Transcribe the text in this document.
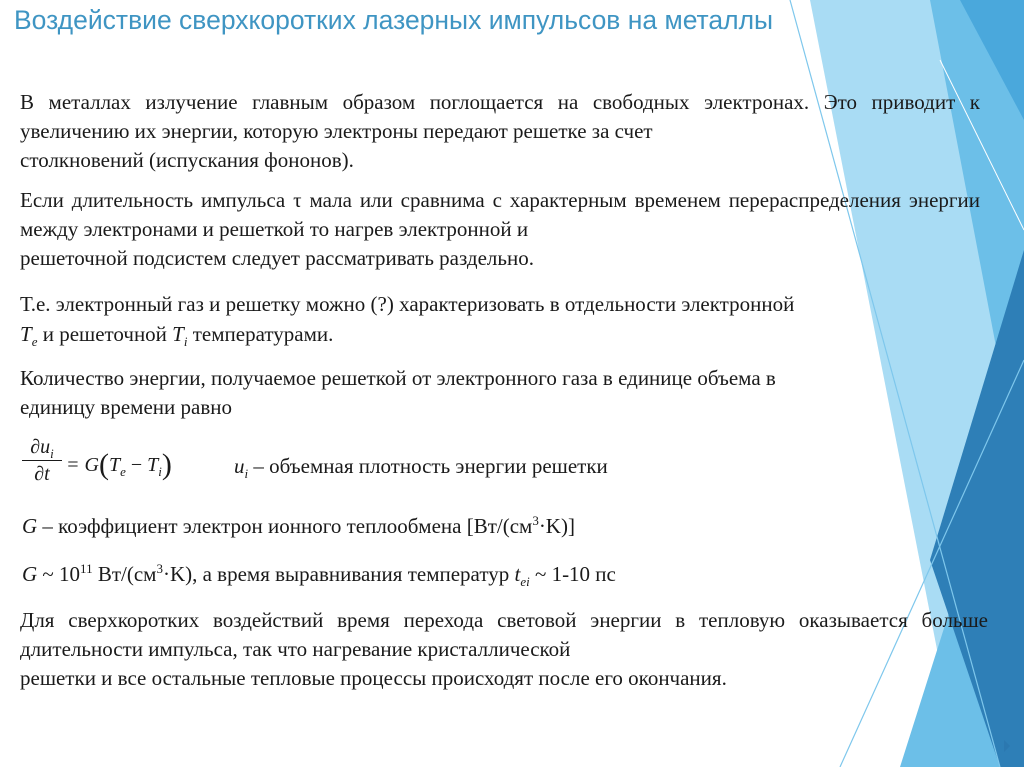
Воздействие сверхкоротких лазерных импульсов на металлы
В металлах излучение главным образом поглощается на свободных электронах. Это приводит к увеличению их энергии, которую электроны передают решетке за счет
столкновений (испускания фононов).
Если длительность импульса τ мала или сравнима с характерным временем перераспределения энергии между электронами и решеткой то нагрев электронной и
решеточной подсистем следует рассматривать раздельно.
Т.е. электронный газ и решетку можно (?) характеризовать в отдельности электронной
$T_e$ и решеточной $T_i$ температурами.
Количество энергии, получаемое решеткой от электронного газа в единице объема в
единицу времени равно
$\frac{\partial u_i}{\partial t} = G(T_e - T_i)$	$u_i$ – объемная плотность энергии решетки
G – коэффициент электрон ионного теплообмена $[Вт/(см^3\cdot K)]$
G ~ $10^{11}$ $Вт/(см^3\cdot K)$, а время выравнивания температур $t_{ei}$ ~ 1-10 пс
Для сверхкоротких воздействий время перехода световой энергии в тепловую оказывается больше длительности импульса, так что нагревание кристаллической
решетки и все остальные тепловые процессы происходят после его окончания.
